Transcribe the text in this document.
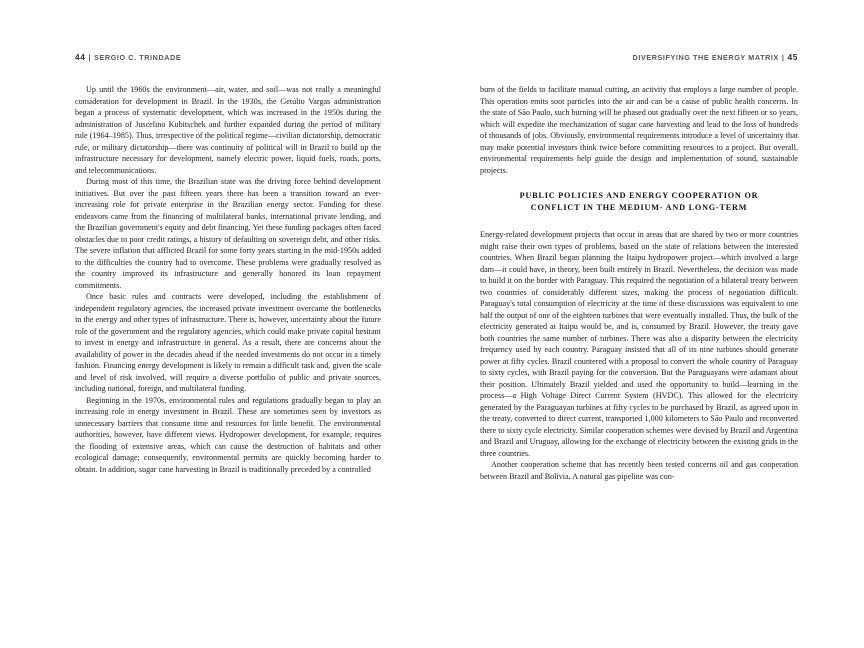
44 | SERGIO C. TRINDADE

Up until the 1960s the environment—air, water, and soil—was not really a meaningful consideration for development in Brazil. In the 1930s, the Getúlio Vargas administration began a process of systematic development, which was increased in the 1950s during the administration of Juscelino Kubitschek and further expanded during the period of military rule (1964–1985). Thus, irrespective of the political regime—civilian dictatorship, democratic rule, or military dictatorship—there was continuity of political will in Brazil to build up the infrastructure necessary for development, namely electric power, liquid fuels, roads, ports, and telecommunications.

During most of this time, the Brazilian state was the driving force behind development initiatives. But over the past fifteen years there has been a transition toward an ever-increasing role for private enterprise in the Brazilian energy sector. Funding for these endeavors came from the financing of multilateral banks, international private lending, and the Brazilian government's equity and debt financing. Yet these funding packages often faced obstacles due to poor credit ratings, a history of defaulting on sovereign debt, and other risks. The severe inflation that afflicted Brazil for some forty years starting in the mid-1950s added to the difficulties the country had to overcome. These problems were gradually resolved as the country improved its infrastructure and generally honored its loan repayment commitments.

Once basic rules and contracts were developed, including the establishment of independent regulatory agencies, the increased private investment overcame the bottlenecks in the energy and other types of infrastructure. There is, however, uncertainty about the future role of the government and the regulatory agencies, which could make private capital hesitant to invest in energy and infrastructure in general. As a result, there are concerns about the availability of power in the decades ahead if the needed investments do not occur in a timely fashion. Financing energy development is likely to remain a difficult task and, given the scale and level of risk involved, will require a diverse portfolio of public and private sources, including national, foreign, and multilateral funding.

Beginning in the 1970s, environmental rules and regulations gradually began to play an increasing role in energy investment in Brazil. These are sometimes seen by investors as unnecessary barriers that consume time and resources for little benefit. The environmental authorities, however, have different views. Hydropower development, for example, requires the flooding of extensive areas, which can cause the destruction of habitats and other ecological damage; consequently, environmental permits are quickly becoming harder to obtain. In addition, sugar cane harvesting in Brazil is traditionally preceded by a controlled

DIVERSIFYING THE ENERGY MATRIX | 45

burn of the fields to facilitate manual cutting, an activity that employs a large number of people. This operation emits soot particles into the air and can be a cause of public health concerns. In the state of São Paulo, such burning will be phased out gradually over the next fifteen or so years, which will expedite the mechanization of sugar cane harvesting and lead to the loss of hundreds of thousands of jobs. Obviously, environmental requirements introduce a level of uncertainty that may make potential investors think twice before committing resources to a project. But overall, environmental requirements help guide the design and implementation of sound, sustainable projects.

PUBLIC POLICIES AND ENERGY COOPERATION OR
CONFLICT IN THE MEDIUM- AND LONG-TERM

Energy-related development projects that occur in areas that are shared by two or more countries might raise their own types of problems, based on the state of relations between the interested countries. When Brazil began planning the Itaipu hydropower project—which involved a large dam—it could have, in theory, been built entirely in Brazil. Nevertheless, the decision was made to build it on the border with Paraguay. This required the negotiation of a bilateral treaty between two countries of considerably different sizes, making the process of negotiation difficult. Paraguay's total consumption of electricity at the time of these discussions was equivalent to one half the output of one of the eighteen turbines that were eventually installed. Thus, the bulk of the electricity generated at Itaipu would be, and is, consumed by Brazil. However, the treaty gave both countries the same number of turbines. There was also a disparity between the electricity frequency used by each country. Paraguay insisted that all of its nine turbines should generate power at fifty cycles. Brazil countered with a proposal to convert the whole country of Paraguay to sixty cycles, with Brazil paying for the conversion. But the Paraguayans were adamant about their position. Ultimately Brazil yielded and used the opportunity to build—learning in the process—a High Voltage Direct Current System (HVDC). This allowed for the electricity generated by the Paraguayan turbines at fifty cycles to be purchased by Brazil, as agreed upon in the treaty, converted to direct current, transported 1,000 kilometers to São Paulo and reconverted there to sixty cycle electricity. Similar cooperation schemes were devised by Brazil and Argentina and Brazil and Uruguay, allowing for the exchange of electricity between the existing grids in the three countries.

Another cooperation scheme that has recently been tested concerns oil and gas cooperation between Brazil and Bolivia. A natural gas pipeline was con-
